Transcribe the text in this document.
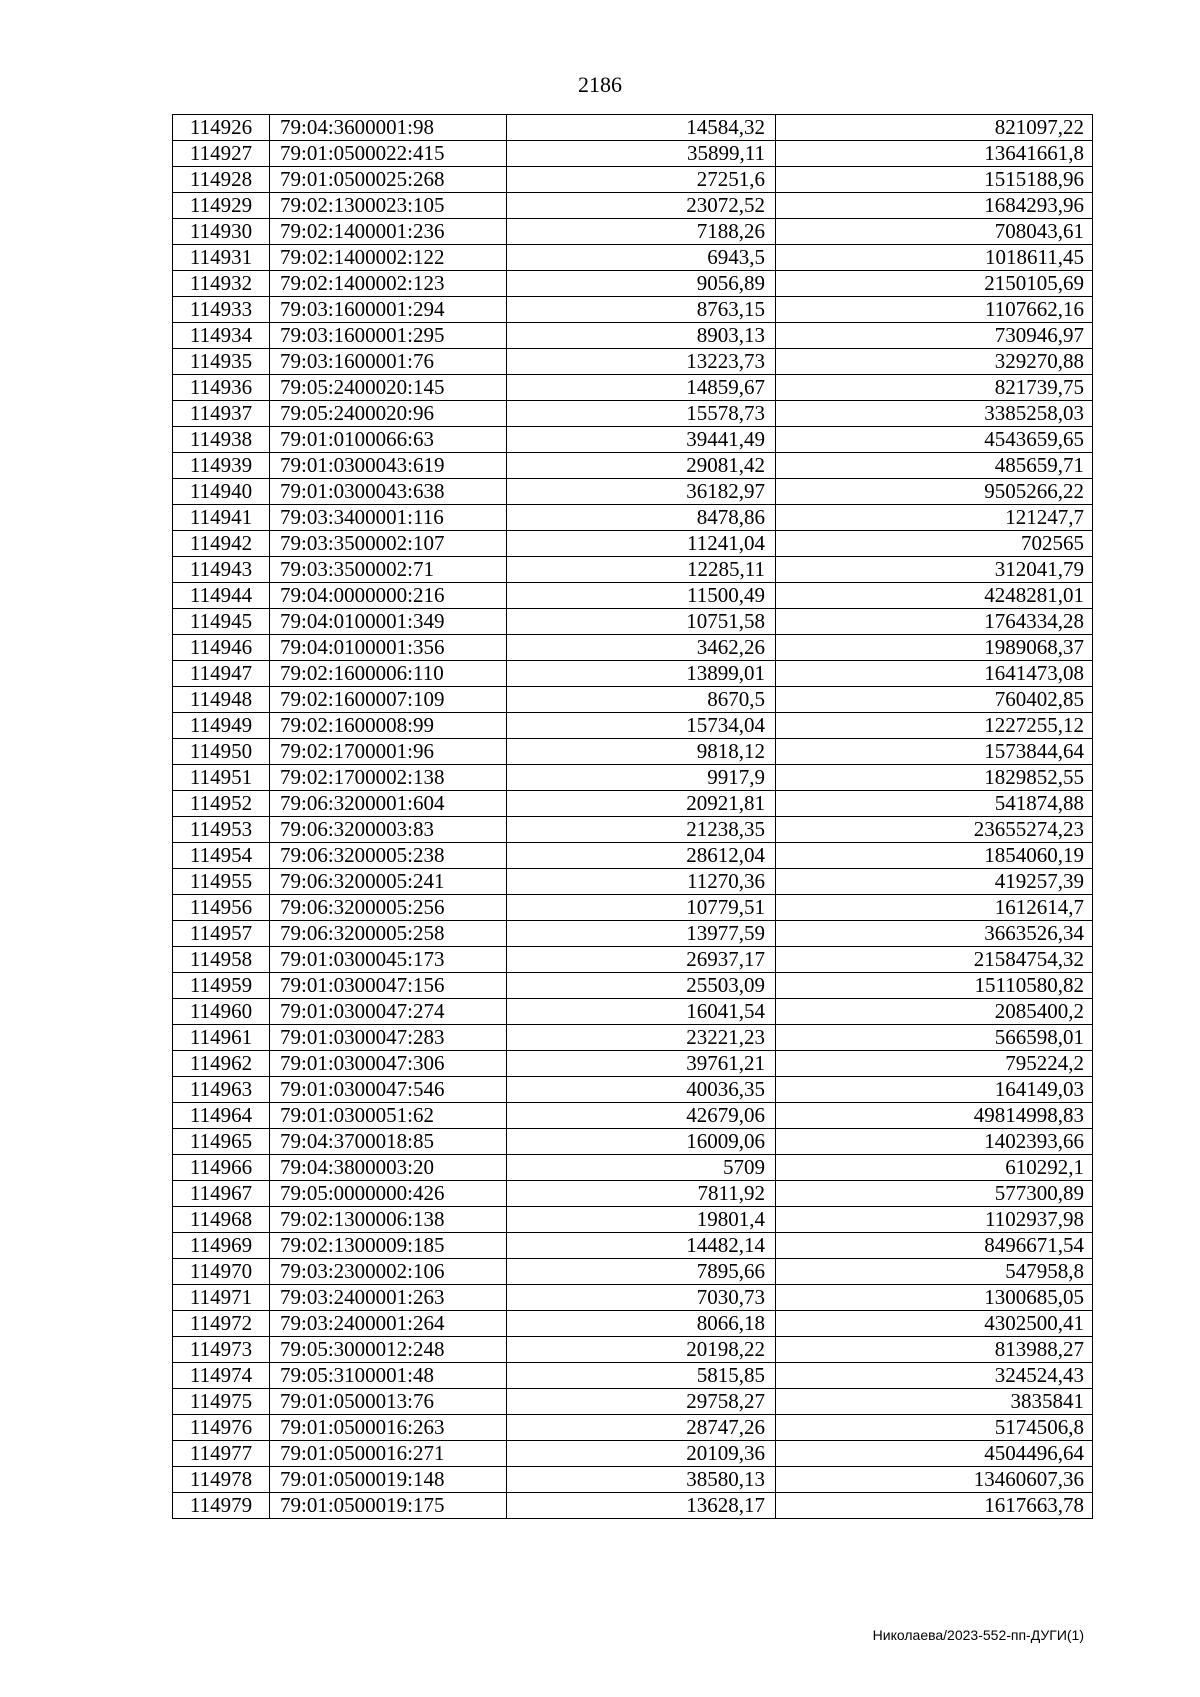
2186
114926	79:04:3600001:98	14584,32	821097,22
114927	79:01:0500022:415	35899,11	13641661,8
114928	79:01:0500025:268	27251,6	1515188,96
114929	79:02:1300023:105	23072,52	1684293,96
114930	79:02:1400001:236	7188,26	708043,61
114931	79:02:1400002:122	6943,5	1018611,45
114932	79:02:1400002:123	9056,89	2150105,69
114933	79:03:1600001:294	8763,15	1107662,16
114934	79:03:1600001:295	8903,13	730946,97
114935	79:03:1600001:76	13223,73	329270,88
114936	79:05:2400020:145	14859,67	821739,75
114937	79:05:2400020:96	15578,73	3385258,03
114938	79:01:0100066:63	39441,49	4543659,65
114939	79:01:0300043:619	29081,42	485659,71
114940	79:01:0300043:638	36182,97	9505266,22
114941	79:03:3400001:116	8478,86	121247,7
114942	79:03:3500002:107	11241,04	702565
114943	79:03:3500002:71	12285,11	312041,79
114944	79:04:0000000:216	11500,49	4248281,01
114945	79:04:0100001:349	10751,58	1764334,28
114946	79:04:0100001:356	3462,26	1989068,37
114947	79:02:1600006:110	13899,01	1641473,08
114948	79:02:1600007:109	8670,5	760402,85
114949	79:02:1600008:99	15734,04	1227255,12
114950	79:02:1700001:96	9818,12	1573844,64
114951	79:02:1700002:138	9917,9	1829852,55
114952	79:06:3200001:604	20921,81	541874,88
114953	79:06:3200003:83	21238,35	23655274,23
114954	79:06:3200005:238	28612,04	1854060,19
114955	79:06:3200005:241	11270,36	419257,39
114956	79:06:3200005:256	10779,51	1612614,7
114957	79:06:3200005:258	13977,59	3663526,34
114958	79:01:0300045:173	26937,17	21584754,32
114959	79:01:0300047:156	25503,09	15110580,82
114960	79:01:0300047:274	16041,54	2085400,2
114961	79:01:0300047:283	23221,23	566598,01
114962	79:01:0300047:306	39761,21	795224,2
114963	79:01:0300047:546	40036,35	164149,03
114964	79:01:0300051:62	42679,06	49814998,83
114965	79:04:3700018:85	16009,06	1402393,66
114966	79:04:3800003:20	5709	610292,1
114967	79:05:0000000:426	7811,92	577300,89
114968	79:02:1300006:138	19801,4	1102937,98
114969	79:02:1300009:185	14482,14	8496671,54
114970	79:03:2300002:106	7895,66	547958,8
114971	79:03:2400001:263	7030,73	1300685,05
114972	79:03:2400001:264	8066,18	4302500,41
114973	79:05:3000012:248	20198,22	813988,27
114974	79:05:3100001:48	5815,85	324524,43
114975	79:01:0500013:76	29758,27	3835841
114976	79:01:0500016:263	28747,26	5174506,8
114977	79:01:0500016:271	20109,36	4504496,64
114978	79:01:0500019:148	38580,13	13460607,36
114979	79:01:0500019:175	13628,17	1617663,78
Николаева/2023-552-пп-ДУГИ(1)
